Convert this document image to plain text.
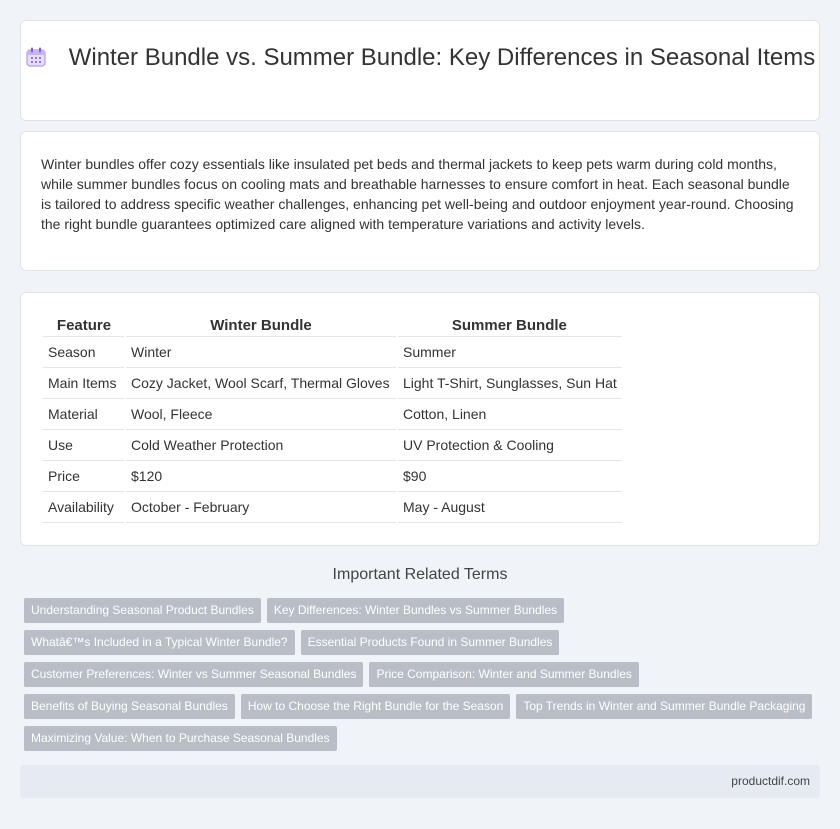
Winter Bundle vs. Summer Bundle: Key Differences in Seasonal Items

Winter bundles offer cozy essentials like insulated pet beds and thermal jackets to keep pets warm during cold months, while summer bundles focus on cooling mats and breathable harnesses to ensure comfort in heat. Each seasonal bundle is tailored to address specific weather challenges, enhancing pet well-being and outdoor enjoyment year-round. Choosing the right bundle guarantees optimized care aligned with temperature variations and activity levels.

Feature	Winter Bundle	Summer Bundle
Season	Winter	Summer
Main Items	Cozy Jacket, Wool Scarf, Thermal Gloves	Light T-Shirt, Sunglasses, Sun Hat
Material	Wool, Fleece	Cotton, Linen
Use	Cold Weather Protection	UV Protection & Cooling
Price	$120	$90
Availability	October - February	May - August
Important Related Terms
Understanding Seasonal Product Bundles Key Differences: Winter Bundles vs Summer Bundles
Whatâ€™s Included in a Typical Winter Bundle? Essential Products Found in Summer Bundles
Customer Preferences: Winter vs Summer Seasonal Bundles Price Comparison: Winter and Summer Bundles
Benefits of Buying Seasonal Bundles How to Choose the Right Bundle for the Season Top Trends in Winter and Summer Bundle Packaging
Maximizing Value: When to Purchase Seasonal Bundles
productdif.com
